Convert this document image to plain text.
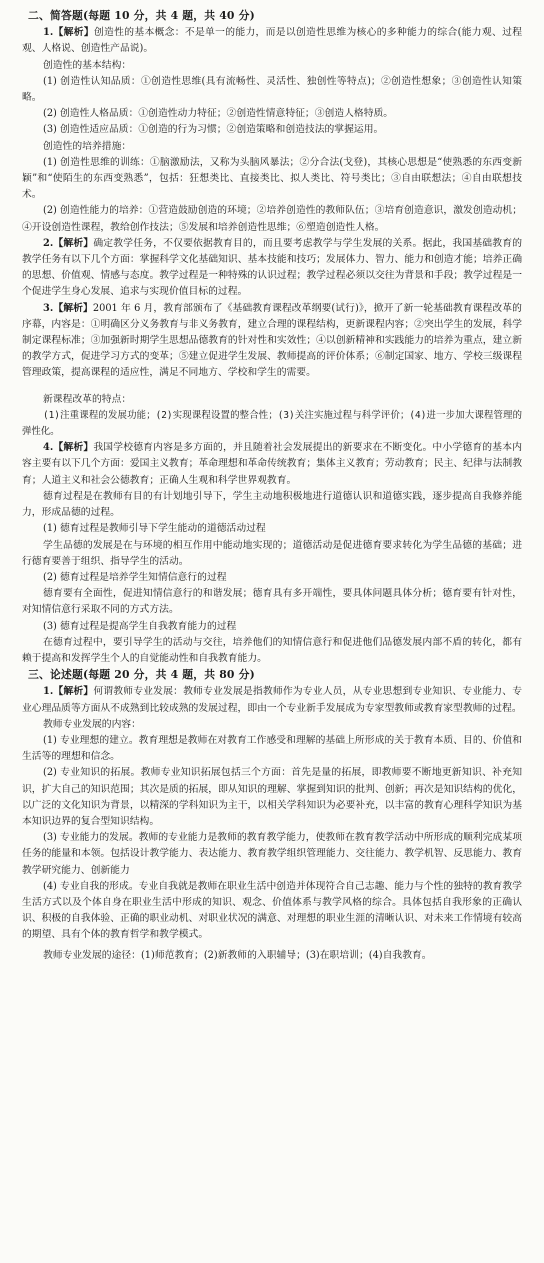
二、简答题(每题 10 分，共 4 题，共 40 分)

1.【解析】创造性的基本概念：不是单一的能力，而是以创造性思维为核心的多种能力的综合(能力观、过程观、人格说、创造性产品说)。

创造性的基本结构：

(1) 创造性认知品质：①创造性思维(具有流畅性、灵活性、独创性等特点)；②创造性想象；③创造性认知策略。

(2) 创造性人格品质：①创造性动力特征；②创造性情意特征；③创造人格特质。

(3) 创造性适应品质：①创造的行为习惯；②创造策略和创造技法的掌握运用。

创造性的培养措施：

(1) 创造性思维的训练：①脑激励法，又称为头脑风暴法；②分合法(戈登)，其核心思想是“使熟悉的东西变新颖”和“使陌生的东西变熟悉”，包括：狂想类比、直接类比、拟人类比、符号类比；③自由联想法；④自由联想技术。

(2) 创造性能力的培养：①营造鼓励创造的环境；②培养创造性的教师队伍；③培育创造意识，激发创造动机；④开设创造性课程，教给创作技法；⑤发展和培养创造性思维；⑥塑造创造性人格。

2.【解析】确定教学任务，不仅要依据教育目的，而且要考虑教学与学生发展的关系。据此，我国基础教育的教学任务有以下几个方面：掌握科学文化基础知识、基本技能和技巧；发展体力、智力、能力和创造才能；培养正确的思想、价值观、情感与态度。教学过程是一种特殊的认识过程；教学过程必须以交往为背景和手段；教学过程是一个促进学生身心发展、追求与实现价值目标的过程。

3.【解析】2001 年 6 月，教育部颁布了《基础教育课程改革纲要(试行)》，掀开了新一轮基础教育课程改革的序幕，内容是：①明确区分义务教育与非义务教育，建立合理的课程结构，更新课程内容；②突出学生的发展，科学制定课程标准；③加强新时期学生思想品德教育的针对性和实效性；④以创新精神和实践能力的培养为重点，建立新的教学方式，促进学习方式的变革；⑤建立促进学生发展、教师提高的评价体系；⑥制定国家、地方、学校三级课程管理政策，提高课程的适应性，满足不同地方、学校和学生的需要。

新课程改革的特点：

(1)注重课程的发展功能；(2)实现课程设置的整合性；(3)关注实施过程与科学评价；(4)进一步加大课程管理的弹性化。

4.【解析】我国学校德育内容是多方面的，并且随着社会发展提出的新要求在不断变化。中小学德育的基本内容主要有以下几个方面：爱国主义教育；革命理想和革命传统教育；集体主义教育；劳动教育；民主、纪律与法制教育；人道主义和社会公德教育；正确人生观和科学世界观教育。

德育过程是在教师有目的有计划地引导下，学生主动地积极地进行道德认识和道德实践，逐步提高自我修养能力，形成品德的过程。

(1) 德育过程是教师引导下学生能动的道德活动过程

学生品德的发展是在与环境的相互作用中能动地实现的；道德活动是促进德育要求转化为学生品德的基础；进行德育要善于组织、指导学生的活动。

(2) 德育过程是培养学生知情信意行的过程

德育要有全面性，促进知情信意行的和谐发展；德育具有多开端性，要具体问题具体分析；德育要有针对性，对知情信意行采取不同的方式方法。

(3) 德育过程是提高学生自我教育能力的过程

在德育过程中，要引导学生的活动与交往，培养他们的知情信意行和促进他们品德发展内部不盾的转化，都有赖于提高和发挥学生个人的自觉能动性和自我教育能力。

三、论述题(每题 20 分，共 4 题，共 80 分)

1.【解析】何谓教师专业发展：教师专业发展是指教师作为专业人员，从专业思想到专业知识、专业能力、专业心理品质等方面从不成熟到比较成熟的发展过程，即由一个专业新手发展成为专家型教师或教育家型教师的过程。

教师专业发展的内容：

(1) 专业理想的建立。教育理想是教师在对教育工作感受和理解的基础上所形成的关于教育本质、目的、价值和生活等的理想和信念。

(2) 专业知识的拓展。教师专业知识拓展包括三个方面：首先是量的拓展，即教师要不断地更新知识、补充知识，扩大自己的知识范围；其次是质的拓展，即从知识的理解、掌握到知识的批判、创新；再次是知识结构的优化，以广泛的文化知识为背景，以精深的学科知识为主干，以相关学科知识为必要补充，以丰富的教育心理科学知识为基本知识边界的复合型知识结构。

(3) 专业能力的发展。教师的专业能力是教师的教育教学能力，使教师在教育教学活动中所形成的顺利完成某项任务的能量和本领。包括设计教学能力、表达能力、教育教学组织管理能力、交往能力、教学机智、反思能力、教育教学研究能力、创新能力

(4) 专业自我的形成。专业自我就是教师在职业生活中创造并体现符合自己志趣、能力与个性的独特的教育教学生活方式以及个体自身在职业生活中形成的知识、观念、价值体系与教学风格的综合。具体包括自我形象的正确认识、积极的自我体验、正确的职业动机、对职业状况的满意、对理想的职业生涯的清晰认识、对未来工作情境有较高的期望、具有个体的教育哲学和教学模式。

教师专业发展的途径：(1)师范教育；(2)新教师的入职辅导；(3)在职培训；(4)自我教育。
